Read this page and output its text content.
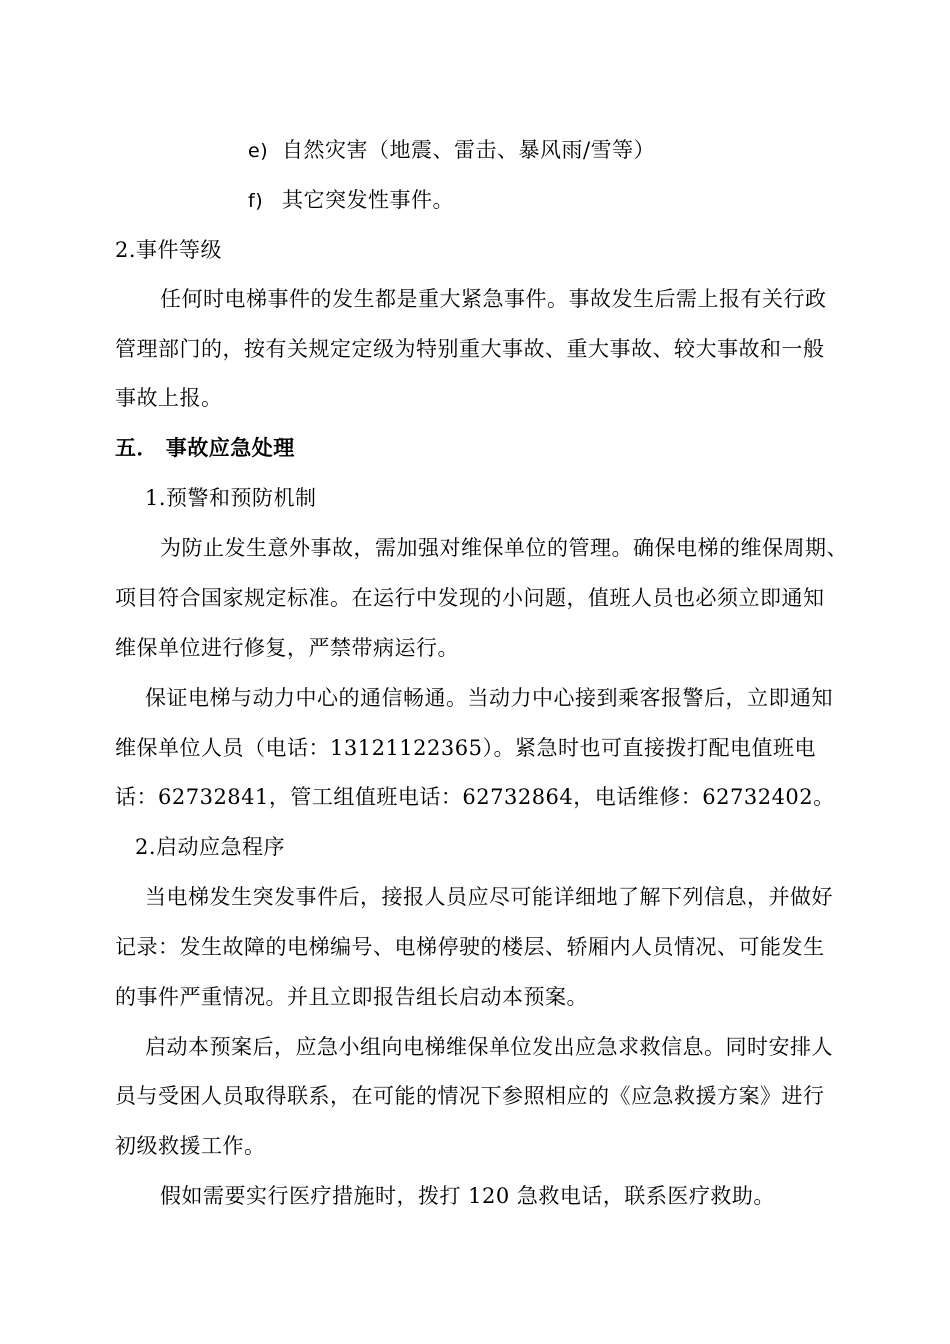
e) 自然灾害（地震、雷击、暴风雨/雪等）
f) 其它突发性事件。
2.事件等级
任何时电梯事件的发生都是重大紧急事件。事故发生后需上报有关行政
管理部门的，按有关规定定级为特别重大事故、重大事故、较大事故和一般
事故上报。
五． 事故应急处理
1.预警和预防机制
为防止发生意外事故，需加强对维保单位的管理。确保电梯的维保周期、
项目符合国家规定标准。在运行中发现的小问题，值班人员也必须立即通知
维保单位进行修复，严禁带病运行。
保证电梯与动力中心的通信畅通。当动力中心接到乘客报警后，立即通知
维保单位人员（电话：13121122365）。紧急时也可直接拨打配电值班电
话：62732841，管工组值班电话：62732864，电话维修：62732402。
2.启动应急程序
当电梯发生突发事件后，接报人员应尽可能详细地了解下列信息，并做好
记录：发生故障的电梯编号、电梯停驶的楼层、轿厢内人员情况、可能发生
的事件严重情况。并且立即报告组长启动本预案。
启动本预案后，应急小组向电梯维保单位发出应急求救信息。同时安排人
员与受困人员取得联系，在可能的情况下参照相应的《应急救援方案》进行
初级救援工作。
假如需要实行医疗措施时，拨打 120 急救电话，联系医疗救助。
